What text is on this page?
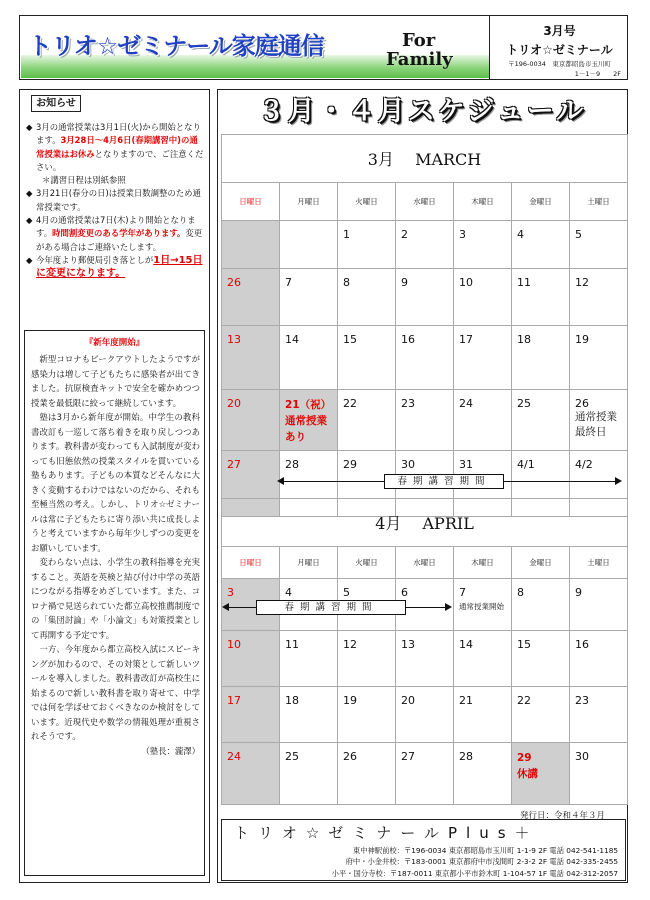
トリオ☆ゼミナール家庭通信	For
Family
3月号
トリオ☆ゼミナール
〒196-0034　東京都昭島市玉川町
1－1－9　　2F
お知らせ
◆ 3月の通常授業は3月1日(火)から開始となります。3月28日～4月6日(春期講習中)の通常授業はお休みとなりますので、ご注意ください。
＊講習日程は別紙参照
◆ 3月21日(春分の日)は授業日数調整のため通常授業です。
◆ 4月の通常授業は7日(木)より開始となります。時間割変更のある学年があります。変更がある場合はご連絡いたします。
◆ 今年度より郵便局引き落としが1日→15日に変更になります。
『新年度開始』

新型コロナもピークアウトしたようですが感染力は増して子どもたちに感染者が出てきました。抗原検査キットで安全を確かめつつ授業を最低限に絞って継続しています。

塾は3月から新年度が開始。中学生の教科書改訂も一巡して落ち着きを取り戻しつつあります。教科書が変わっても入試制度が変わっても旧態依然の授業スタイルを貫いている塾もあります。子どもの本質などそんなに大きく変動するわけではないのだから、それも至極当然の考え。しかし、トリオ☆ゼミナールは常に子どもたちに寄り添い共に成長しようと考えていますから毎年少しずつの変更をお願いしています。

変わらない点は、小学生の教科指導を充実すること。英語を英検と結び付け中学の英語につながる指導をめざしています。また、コロナ禍で見送られていた都立高校推薦制度での「集団討論」や「小論文」も対策授業として再開する予定です。

一方、今年度から都立高校入試にスピーキングが加わるので、その対策として新しいツールを導入しました。教科書改訂が高校生に始まるので新しい教科書を取り寄せて、中学では何を学ばせておくべきなのか検討をしています。近現代史や数学の情報処理が重視されそうです。

（塾長：瀧澤）
３月・４月スケジュール
3月　 MARCH						
日曜日	月曜日	火曜日	水曜日	木曜日	金曜日	土曜日

		1	2	3	4	5

26	7	8	9	10	11	12

13	14	15	16	17	18	19

20	21（祝）
通常授業あり	22	23	24	25	26
通常授業最終日

27	28	29	30	31	4/1	4/2
春期講習期間
4月　 APRIL						
日曜日	月曜日	火曜日	水曜日	木曜日	金曜日	土曜日

3	4	5	6	7
通常授業開始	8	9

10	11	12	13	14	15	16

17	18	19	20	21	22	23

24	25	26	27	28	29
休講	30
春期講習期間
発行日：令和４年３月
トリオ☆ゼミナールPlus＋
東中神駅前校：〒196-0034 東京都昭島市玉川町 1-1-9 2F 電話 042-541-1185
府中・小金井校：〒183-0001 東京都府中市浅間町 2-3-2 2F 電話 042-335-2455
小平・国分寺校：〒187-0011 東京都小平市鈴木町 1-104-57 1F 電話 042-312-2057
